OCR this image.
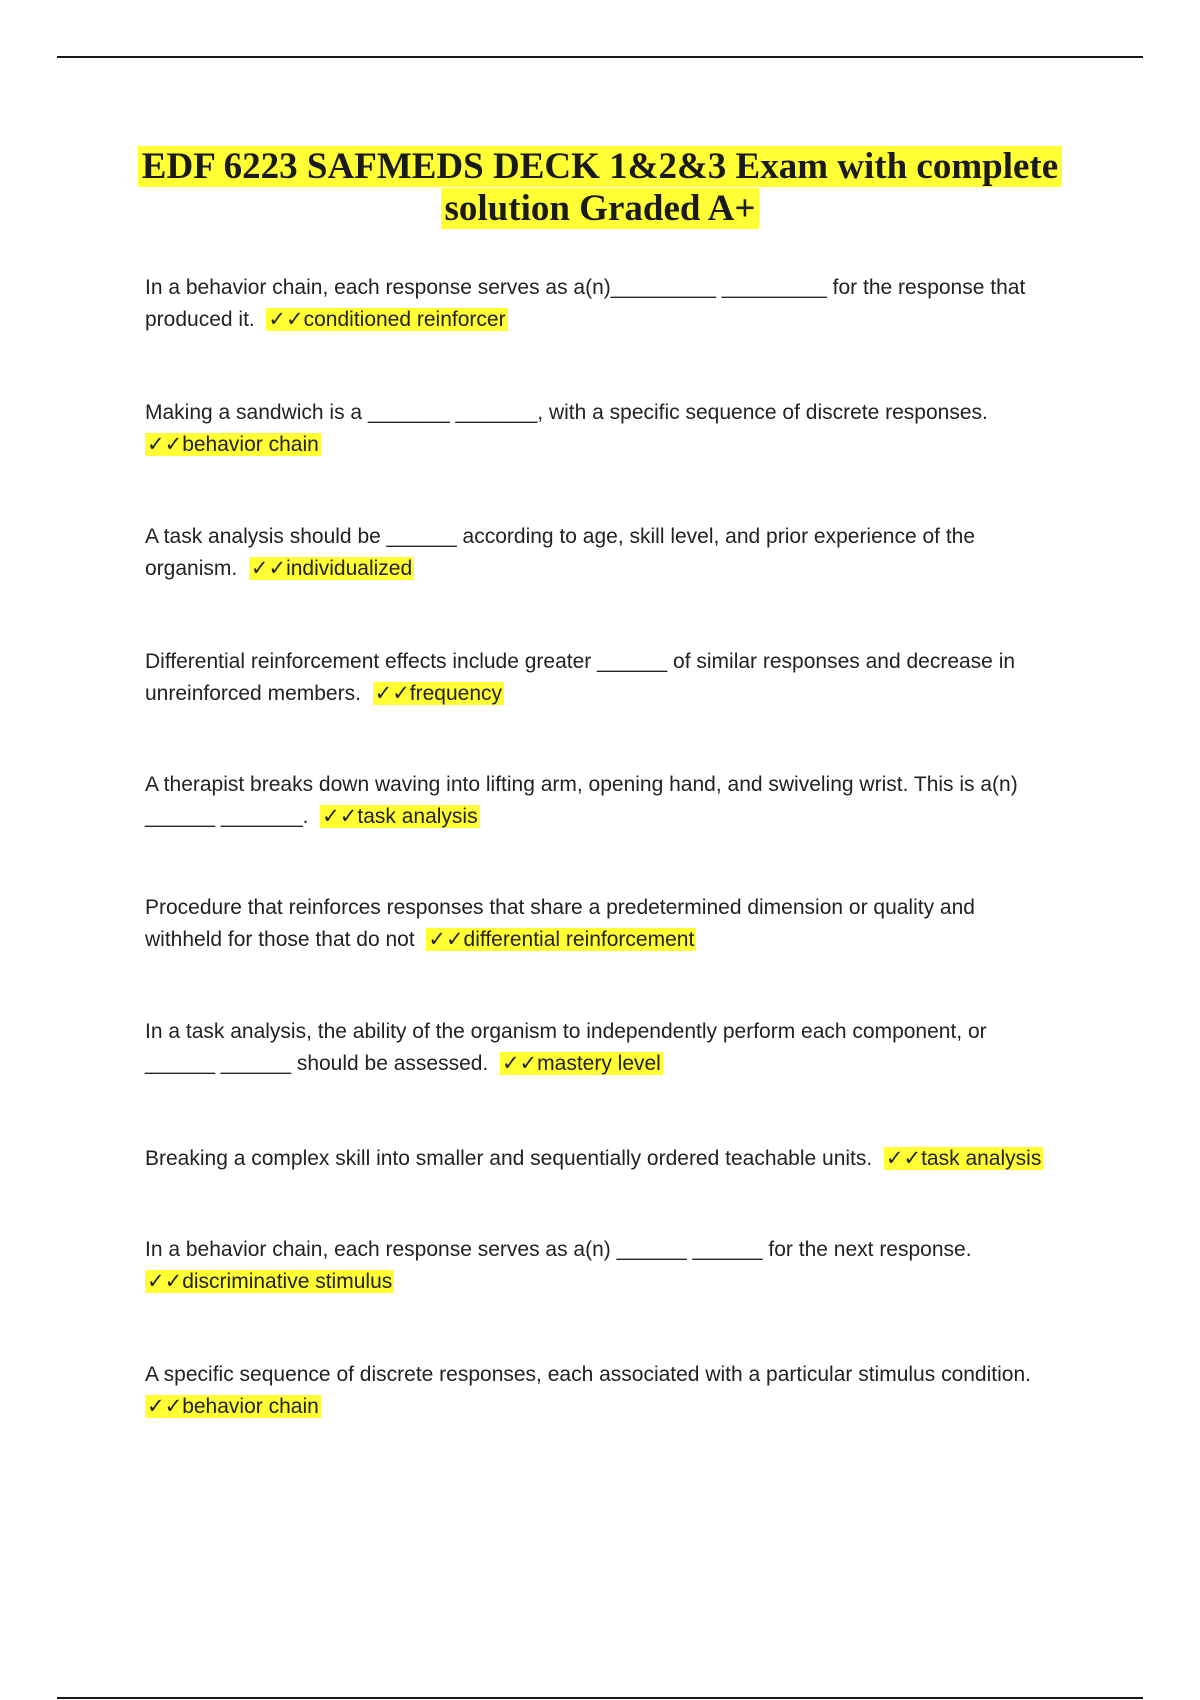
EDF 6223 SAFMEDS DECK 1&2&3 Exam with complete
solution Graded A+
In a behavior chain, each response serves as a(n)_________ _________ for the response that
produced it. ✓✓conditioned reinforcer
Making a sandwich is a _______ _______, with a specific sequence of discrete responses.
✓✓behavior chain
A task analysis should be ______ according to age, skill level, and prior experience of the
organism. ✓✓individualized
Differential reinforcement effects include greater ______ of similar responses and decrease in
unreinforced members. ✓✓frequency
A therapist breaks down waving into lifting arm, opening hand, and swiveling wrist. This is a(n)
______ _______. ✓✓task analysis
Procedure that reinforces responses that share a predetermined dimension or quality and
withheld for those that do not ✓✓differential reinforcement
In a task analysis, the ability of the organism to independently perform each component, or
______ ______ should be assessed. ✓✓mastery level
Breaking a complex skill into smaller and sequentially ordered teachable units. ✓✓task analysis
In a behavior chain, each response serves as a(n) ______ ______ for the next response.
✓✓discriminative stimulus
A specific sequence of discrete responses, each associated with a particular stimulus condition.
✓✓behavior chain
